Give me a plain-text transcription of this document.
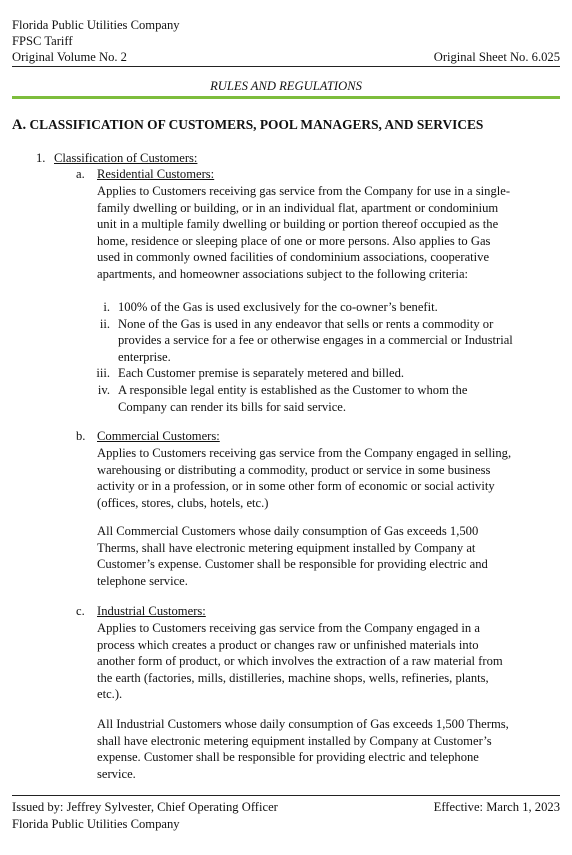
Florida Public Utilities Company
FPSC Tariff
Original Volume No. 2	Original Sheet No. 6.025
RULES AND REGULATIONS
A. CLASSIFICATION OF CUSTOMERS, POOL MANAGERS, AND SERVICES
1. Classification of Customers:
a. Residential Customers:
Applies to Customers receiving gas service from the Company for use in a single-
family dwelling or building, or in an individual flat, apartment or condominium
unit in a multiple family dwelling or building or portion thereof occupied as the
home, residence or sleeping place of one or more persons. Also applies to Gas
used in commonly owned facilities of condominium associations, cooperative
apartments, and homeowner associations subject to the following criteria:
i. 100% of the Gas is used exclusively for the co-owner’s benefit.
ii. None of the Gas is used in any endeavor that sells or rents a commodity or
provides a service for a fee or otherwise engages in a commercial or Industrial
enterprise.
iii. Each Customer premise is separately metered and billed.
iv. A responsible legal entity is established as the Customer to whom the
Company can render its bills for said service.
b. Commercial Customers:
Applies to Customers receiving gas service from the Company engaged in selling,
warehousing or distributing a commodity, product or service in some business
activity or in a profession, or in some other form of economic or social activity
(offices, stores, clubs, hotels, etc.)
All Commercial Customers whose daily consumption of Gas exceeds 1,500
Therms, shall have electronic metering equipment installed by Company at
Customer’s expense. Customer shall be responsible for providing electric and
telephone service.
c. Industrial Customers:
Applies to Customers receiving gas service from the Company engaged in a
process which creates a product or changes raw or unfinished materials into
another form of product, or which involves the extraction of a raw material from
the earth (factories, mills, distilleries, machine shops, wells, refineries, plants,
etc.).
All Industrial Customers whose daily consumption of Gas exceeds 1,500 Therms,
shall have electronic metering equipment installed by Company at Customer’s
expense. Customer shall be responsible for providing electric and telephone
service.
Issued by: Jeffrey Sylvester, Chief Operating Officer	Effective: March 1, 2023
Florida Public Utilities Company
